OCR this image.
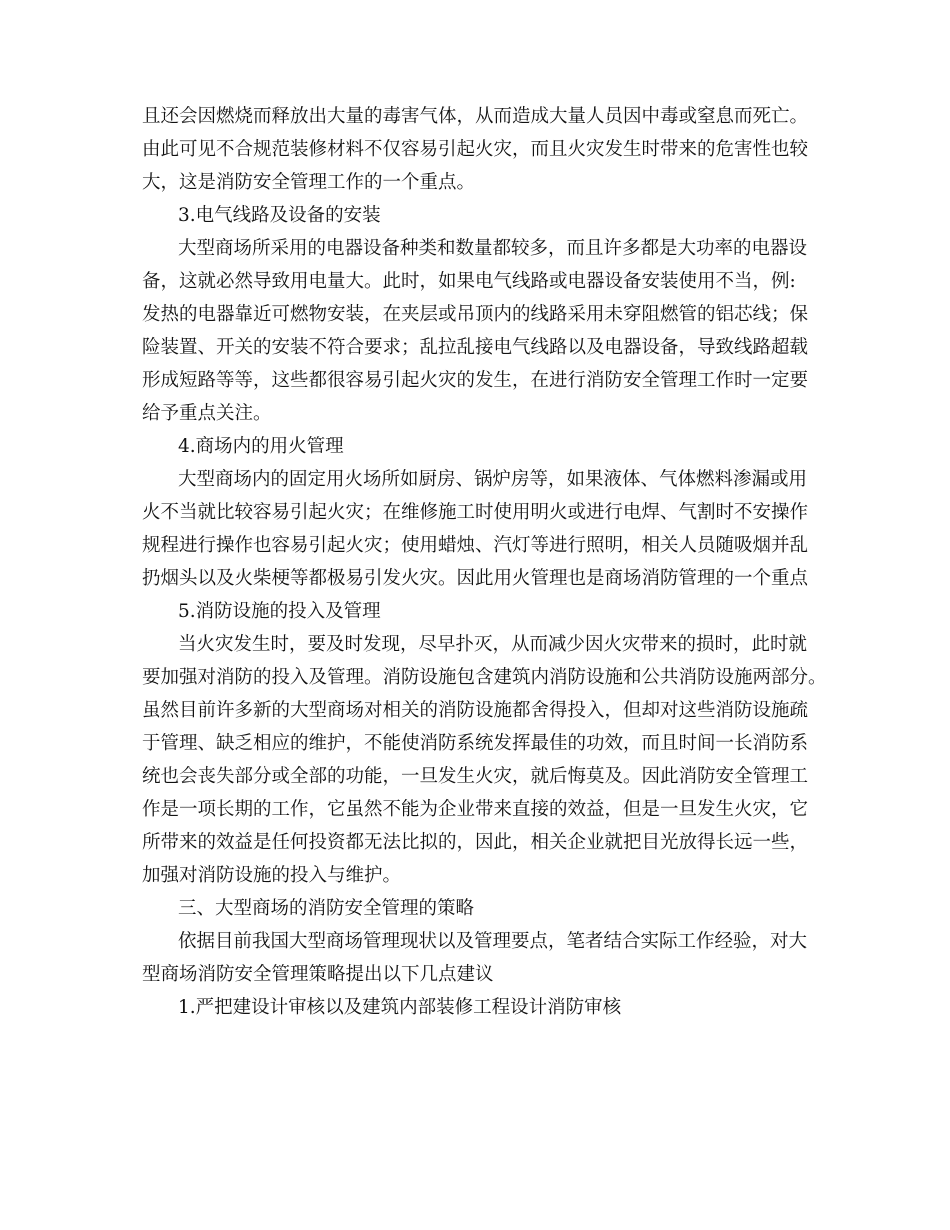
且还会因燃烧而释放出大量的毒害气体，从而造成大量人员因中毒或窒息而死亡。
由此可见不合规范装修材料不仅容易引起火灾，而且火灾发生时带来的危害性也较
大，这是消防安全管理工作的一个重点。
3.电气线路及设备的安装
大型商场所采用的电器设备种类和数量都较多，而且许多都是大功率的电器设
备，这就必然导致用电量大。此时，如果电气线路或电器设备安装使用不当，例:
发热的电器靠近可燃物安装，在夹层或吊顶内的线路采用未穿阻燃管的铝芯线；保
险装置、开关的安装不符合要求；乱拉乱接电气线路以及电器设备，导致线路超载
形成短路等等，这些都很容易引起火灾的发生，在进行消防安全管理工作时一定要
给予重点关注。
4.商场内的用火管理
大型商场内的固定用火场所如厨房、锅炉房等，如果液体、气体燃料渗漏或用
火不当就比较容易引起火灾；在维修施工时使用明火或进行电焊、气割时不安操作
规程进行操作也容易引起火灾；使用蜡烛、汽灯等进行照明，相关人员随吸烟并乱
扔烟头以及火柴梗等都极易引发火灾。因此用火管理也是商场消防管理的一个重点
5.消防设施的投入及管理
当火灾发生时，要及时发现，尽早扑灭，从而减少因火灾带来的损时，此时就
要加强对消防的投入及管理。消防设施包含建筑内消防设施和公共消防设施两部分。
虽然目前许多新的大型商场对相关的消防设施都舍得投入，但却对这些消防设施疏
于管理、缺乏相应的维护，不能使消防系统发挥最佳的功效，而且时间一长消防系
统也会丧失部分或全部的功能，一旦发生火灾，就后悔莫及。因此消防安全管理工
作是一项长期的工作，它虽然不能为企业带来直接的效益，但是一旦发生火灾，它
所带来的效益是任何投资都无法比拟的，因此，相关企业就把目光放得长远一些，
加强对消防设施的投入与维护。
三、大型商场的消防安全管理的策略
依据目前我国大型商场管理现状以及管理要点，笔者结合实际工作经验，对大
型商场消防安全管理策略提出以下几点建议
1.严把建设计审核以及建筑内部装修工程设计消防审核
